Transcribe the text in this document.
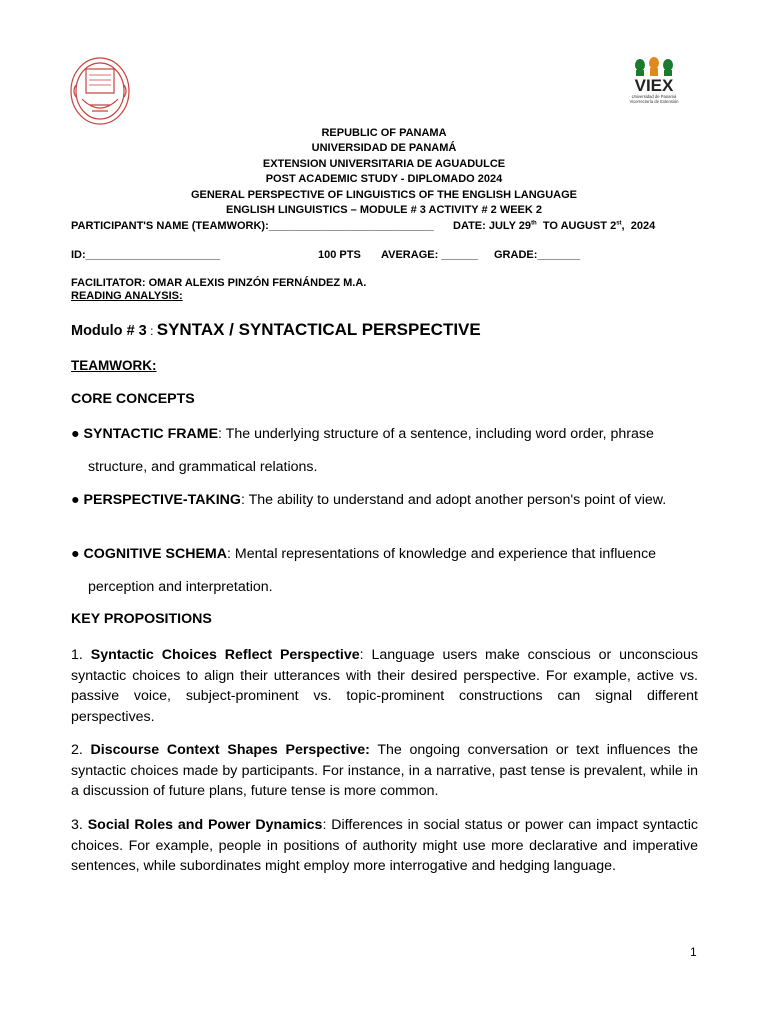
VIEX
Universidad de Panamá
Vicerrectoría de Extensión
REPUBLIC OF PANAMA
UNIVERSIDAD DE PANAMÁ
EXTENSION UNIVERSITARIA DE AGUADULCE
POST ACADEMIC STUDY - DIPLOMADO 2024
GENERAL PERSPECTIVE OF LINGUISTICS OF THE ENGLISH LANGUAGE
ENGLISH LINGUISTICS – MODULE # 3 ACTIVITY # 2 WEEK 2
PARTICIPANT'S NAME (TEAMWORK):___________________________ DATE: JULY 29th  TO AUGUST 2st,  2024
ID:______________________	100 PTS AVERAGE: ______ GRADE:_______
FACILITATOR: OMAR ALEXIS PINZÓN FERNÁNDEZ M.A.
READING ANALYSIS:
Modulo # 3 : SYNTAX / SYNTACTICAL PERSPECTIVE
TEAMWORK:
CORE CONCEPTS
● SYNTACTIC FRAME: The underlying structure of a sentence, including word order, phrase
structure, and grammatical relations.
● PERSPECTIVE-TAKING: The ability to understand and adopt another person's point of view.
● COGNITIVE SCHEMA: Mental representations of knowledge and experience that influence
perception and interpretation.
KEY PROPOSITIONS
1. Syntactic Choices Reflect Perspective: Language users make conscious or unconscious syntactic choices to align their utterances with their desired perspective. For example, active vs. passive voice, subject-prominent vs. topic-prominent constructions can signal different perspectives.
2. Discourse Context Shapes Perspective: The ongoing conversation or text influences the syntactic choices made by participants. For instance, in a narrative, past tense is prevalent, while in a discussion of future plans, future tense is more common.
3. Social Roles and Power Dynamics: Differences in social status or power can impact syntactic choices. For example, people in positions of authority might use more declarative and imperative sentences, while subordinates might employ more interrogative and hedging language.
1
